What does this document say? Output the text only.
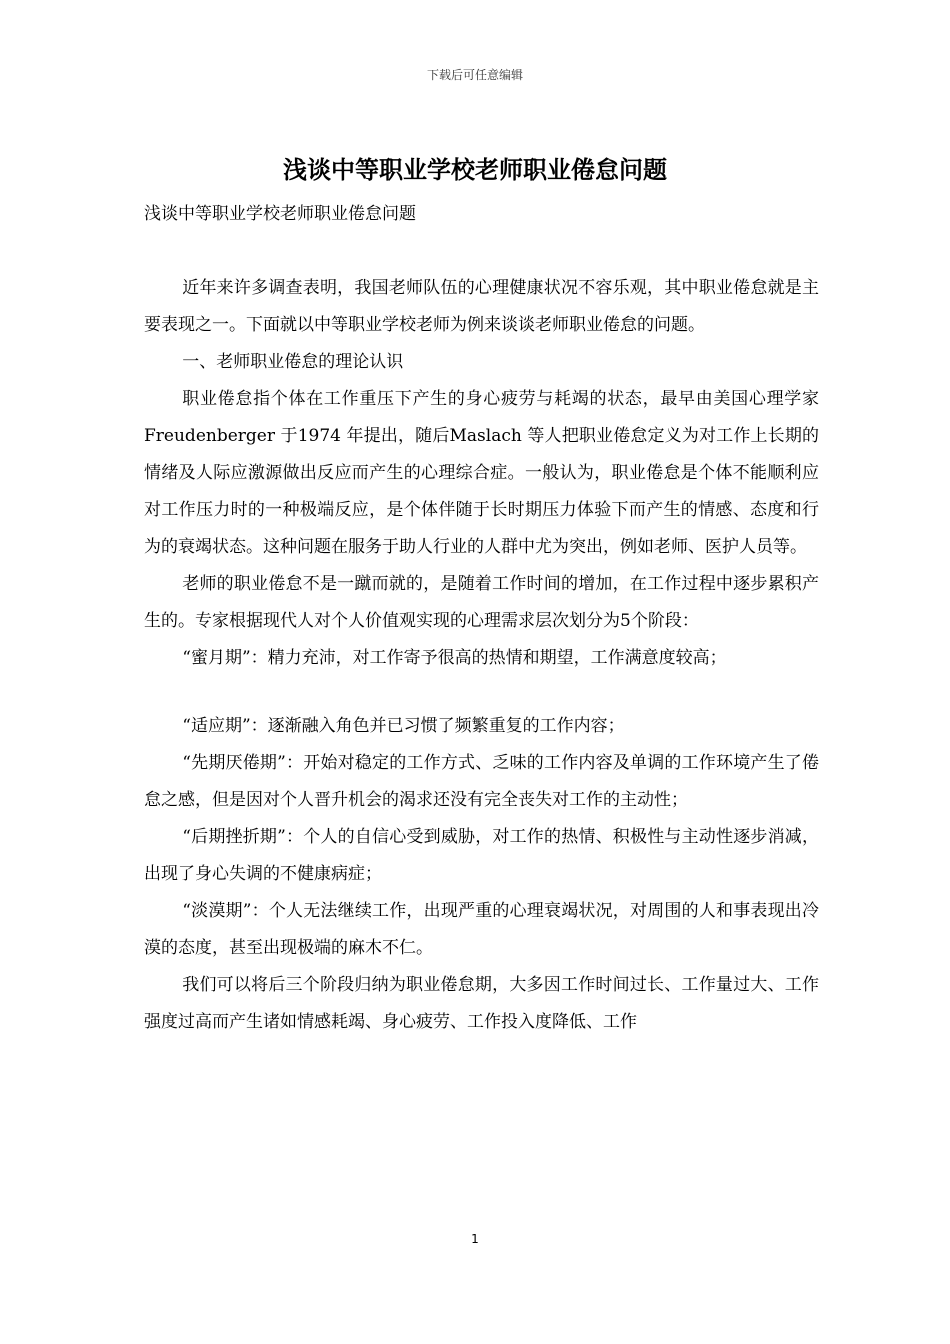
下载后可任意编辑
浅谈中等职业学校老师职业倦怠问题

浅谈中等职业学校老师职业倦怠问题

近年来许多调查表明，我国老师队伍的心理健康状况不容乐观，其中职业倦怠就是主要表现之一。下面就以中等职业学校老师为例来谈谈老师职业倦怠的问题。

一、老师职业倦怠的理论认识

职业倦怠指个体在工作重压下产生的身心疲劳与耗竭的状态，最早由美国心理学家Freudenberger 于1974 年提出，随后Maslach 等人把职业倦怠定义为对工作上长期的情绪及人际应激源做出反应而产生的心理综合症。一般认为，职业倦怠是个体不能顺利应对工作压力时的一种极端反应，是个体伴随于长时期压力体验下而产生的情感、态度和行为的衰竭状态。这种问题在服务于助人行业的人群中尤为突出，例如老师、医护人员等。

老师的职业倦怠不是一蹴而就的，是随着工作时间的增加，在工作过程中逐步累积产生的。专家根据现代人对个人价值观实现的心理需求层次划分为5个阶段：

“蜜月期”：精力充沛，对工作寄予很高的热情和期望，工作满意度较高；

“适应期”：逐渐融入角色并已习惯了频繁重复的工作内容；

“先期厌倦期”：开始对稳定的工作方式、乏味的工作内容及单调的工作环境产生了倦怠之感，但是因对个人晋升机会的渴求还没有完全丧失对工作的主动性；

“后期挫折期”：个人的自信心受到威胁，对工作的热情、积极性与主动性逐步消减，出现了身心失调的不健康病症；

“淡漠期”：个人无法继续工作，出现严重的心理衰竭状况，对周围的人和事表现出冷漠的态度，甚至出现极端的麻木不仁。

我们可以将后三个阶段归纳为职业倦怠期，大多因工作时间过长、工作量过大、工作强度过高而产生诸如情感耗竭、身心疲劳、工作投入度降低、工作

1
